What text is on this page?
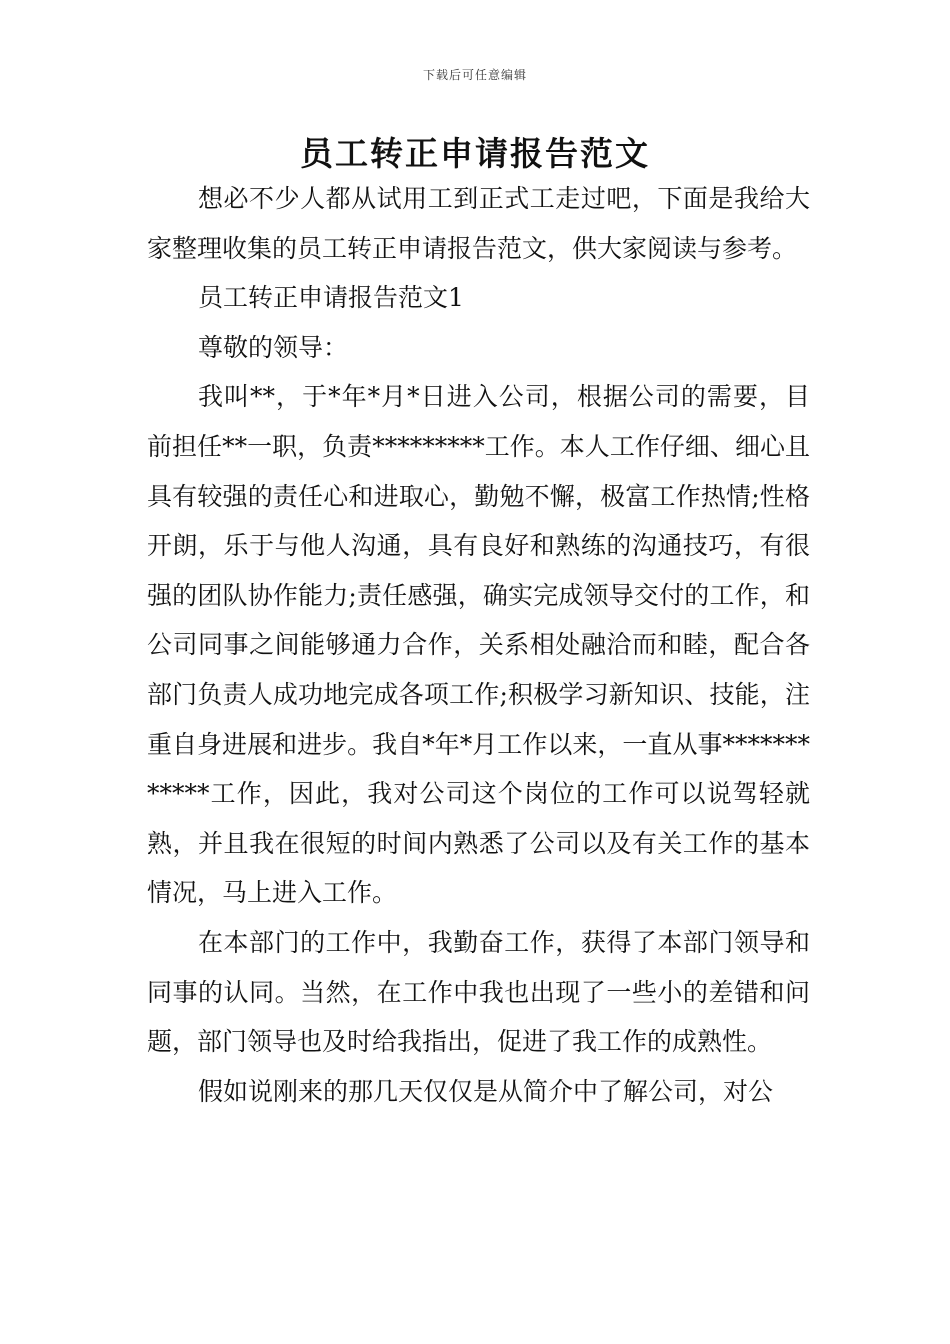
下载后可任意编辑
员工转正申请报告范文

想必不少人都从试用工到正式工走过吧，下面是我给大家整理收集的员工转正申请报告范文，供大家阅读与参考。

员工转正申请报告范文1

尊敬的领导：

我叫**，于*年*月*日进入公司，根据公司的需要，目前担任**一职，负责*********工作。本人工作仔细、细心且具有较强的责任心和进取心，勤勉不懈，极富工作热情;性格开朗，乐于与他人沟通，具有良好和熟练的沟通技巧，有很强的团队协作能力;责任感强，确实完成领导交付的工作，和公司同事之间能够通力合作，关系相处融洽而和睦，配合各部门负责人成功地完成各项工作;积极学习新知识、技能，注重自身进展和进步。我自*年*月工作以来，一直从事************工作，因此，我对公司这个岗位的工作可以说驾轻就熟，并且我在很短的时间内熟悉了公司以及有关工作的基本情况，马上进入工作。

在本部门的工作中，我勤奋工作，获得了本部门领导和同事的认同。当然，在工作中我也出现了一些小的差错和问题，部门领导也及时给我指出，促进了我工作的成熟性。

假如说刚来的那几天仅仅是从简介中了解公司，对公
